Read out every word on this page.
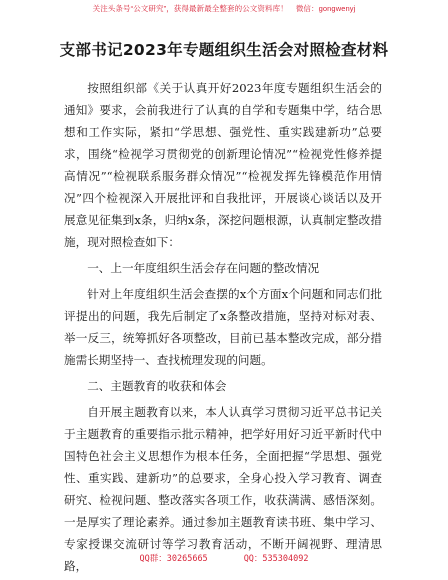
关注头条号“公文研究”，获得最新最全整套的公文资料库！ 微信：gongwenyj
支部书记2023年专题组织生活会对照检查材料

按照组织部《关于认真开好2023年度专题组织生活会的通知》要求，会前我进行了认真的自学和专题集中学，结合思想和工作实际，紧扣“学思想、强党性、重实践建新功”总要求，围绕“检视学习贯彻党的创新理论情况”“检视党性修养提高情况”“检视联系服务群众情况”“检视发挥先锋模范作用情况”四个检视深入开展批评和自我批评，开展谈心谈话以及开展意见征集到x条，归纳x条，深挖问题根源，认真制定整改措施，现对照检查如下：

一、上一年度组织生活会存在问题的整改情况

针对上年度组织生活会查摆的x个方面x个问题和同志们批评提出的问题，我先后制定了x条整改措施，坚持对标对表、举一反三，统筹抓好各项整改，目前已基本整改完成，部分措施需长期坚持一、查找梳理发现的问题。

二、主题教育的收获和体会

自开展主题教育以来，本人认真学习贯彻习近平总书记关于主题教育的重要指示批示精神，把学好用好习近平新时代中国特色社会主义思想作为根本任务，全面把握“学思想、强党性、重实践、建新功”的总要求，全身心投入学习教育、调查研究、检视问题、整改落实各项工作，收获满满、感悟深刻。一是厚实了理论素养。通过参加主题教育读书班、集中学习、专家授课交流研讨等学习教育活动，不断开阔视野、理清思路，	QQ群：30265665	QQ：535304092
